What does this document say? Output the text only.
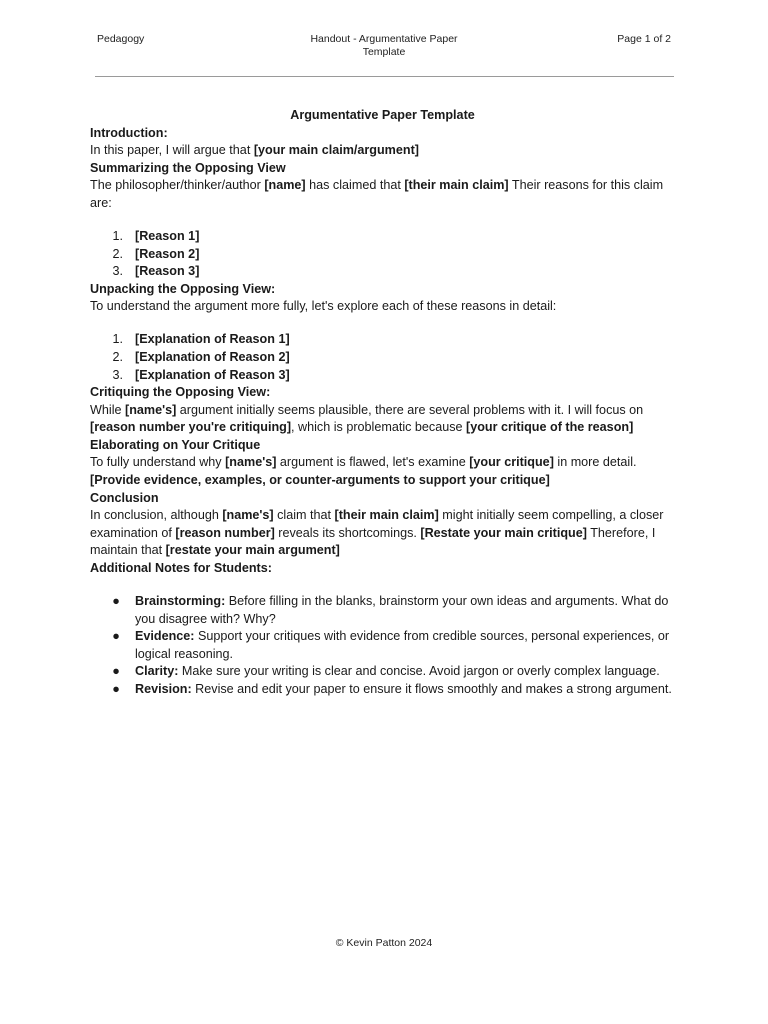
Pedagogy	Handout - Argumentative Paper
Template
Page 1 of 2

Argumentative Paper Template

Introduction:

In this paper, I will argue that [your main claim/argument]

Summarizing the Opposing View

The philosopher/thinker/author [name] has claimed that [their main claim] Their reasons for this claim are:

1. [Reason 1]
2. [Reason 2]
3. [Reason 3]

Unpacking the Opposing View:

To understand the argument more fully, let's explore each of these reasons in detail:

1. [Explanation of Reason 1]
2. [Explanation of Reason 2]
3. [Explanation of Reason 3]

Critiquing the Opposing View:

While [name's] argument initially seems plausible, there are several problems with it. I will focus on [reason number you're critiquing], which is problematic because [your critique of the reason]

Elaborating on Your Critique

To fully understand why [name's] argument is flawed, let's examine [your critique] in more detail. [Provide evidence, examples, or counter-arguments to support your critique]

Conclusion

In conclusion, although [name's] claim that [their main claim] might initially seem compelling, a closer examination of [reason number] reveals its shortcomings. [Restate your main critique] Therefore, I maintain that [restate your main argument]

Additional Notes for Students:

● Brainstorming: Before filling in the blanks, brainstorm your own ideas and arguments. What do you disagree with? Why?
● Evidence: Support your critiques with evidence from credible sources, personal experiences, or logical reasoning.
● Clarity: Make sure your writing is clear and concise. Avoid jargon or overly complex language.
● Revision: Revise and edit your paper to ensure it flows smoothly and makes a strong argument.
© Kevin Patton 2024
